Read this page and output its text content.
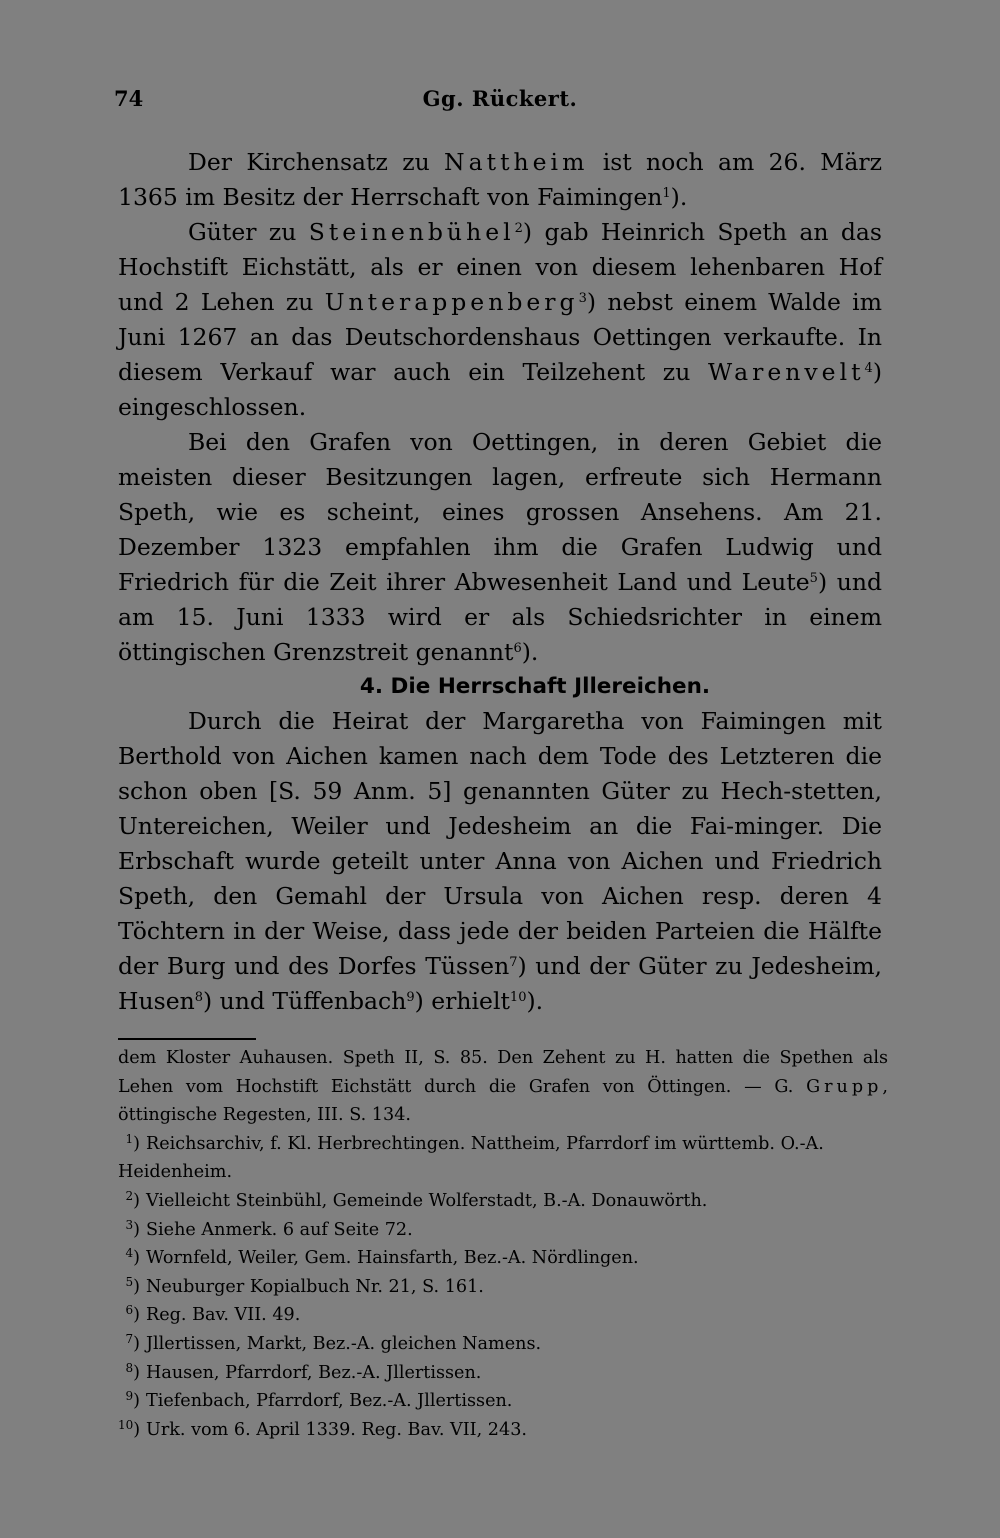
74	Gg. Rückert.

Der Kirchensatz zu Nattheim ist noch am 26. März 1365 im Besitz der Herrschaft von Faimingen$^1$).

Güter zu Steinenbühel$^2$) gab Heinrich Speth an das Hochstift Eichstätt, als er einen von diesem lehenbaren Hof und 2 Lehen zu Unterappenberg$^3$) nebst einem Walde im Juni 1267 an das Deutschordenshaus Oettingen verkaufte. In diesem Verkauf war auch ein Teilzehent zu Warenvelt$^4$) eingeschlossen.

Bei den Grafen von Oettingen, in deren Gebiet die meisten dieser Besitzungen lagen, erfreute sich Hermann Speth, wie es scheint, eines grossen Ansehens. Am 21. Dezember 1323 empfahlen ihm die Grafen Ludwig und Friedrich für die Zeit ihrer Abwesenheit Land und Leute$^5$) und am 15. Juni 1333 wird er als Schiedsrichter in einem öttingischen Grenzstreit genannt$^6$).

4. Die Herrschaft Jllereichen.

Durch die Heirat der Margaretha von Faimingen mit Berthold von Aichen kamen nach dem Tode des Letzteren die schon oben [S. 59 Anm. 5] genannten Güter zu Hech-stetten, Untereichen, Weiler und Jedesheim an die Fai-minger. Die Erbschaft wurde geteilt unter Anna von Aichen und Friedrich Speth, den Gemahl der Ursula von Aichen resp. deren 4 Töchtern in der Weise, dass jede der beiden Parteien die Hälfte der Burg und des Dorfes Tüssen$^7$) und der Güter zu Jedesheim, Husen$^8$) und Tüffenbach$^9$) erhielt$^{10}$).

dem Kloster Auhausen. Speth II, S. 85. Den Zehent zu H. hatten die Spethen als Lehen vom Hochstift Eichstätt durch die Grafen von Öttingen. — G. Grupp, öttingische Regesten, III. S. 134.

$^1$) Reichsarchiv, f. Kl. Herbrechtingen. Nattheim, Pfarrdorf im württemb. O.-A. Heidenheim.

$^2$) Vielleicht Steinbühl, Gemeinde Wolferstadt, B.-A. Donauwörth.

$^3$) Siehe Anmerk. 6 auf Seite 72.

$^4$) Wornfeld, Weiler, Gem. Hainsfarth, Bez.-A. Nördlingen.

$^5$) Neuburger Kopialbuch Nr. 21, S. 161.

$^6$) Reg. Bav. VII. 49.

$^7$) Jllertissen, Markt, Bez.-A. gleichen Namens.

$^8$) Hausen, Pfarrdorf, Bez.-A. Jllertissen.

$^9$) Tiefenbach, Pfarrdorf, Bez.-A. Jllertissen.

$^{10}$) Urk. vom 6. April 1339. Reg. Bav. VII, 243.
